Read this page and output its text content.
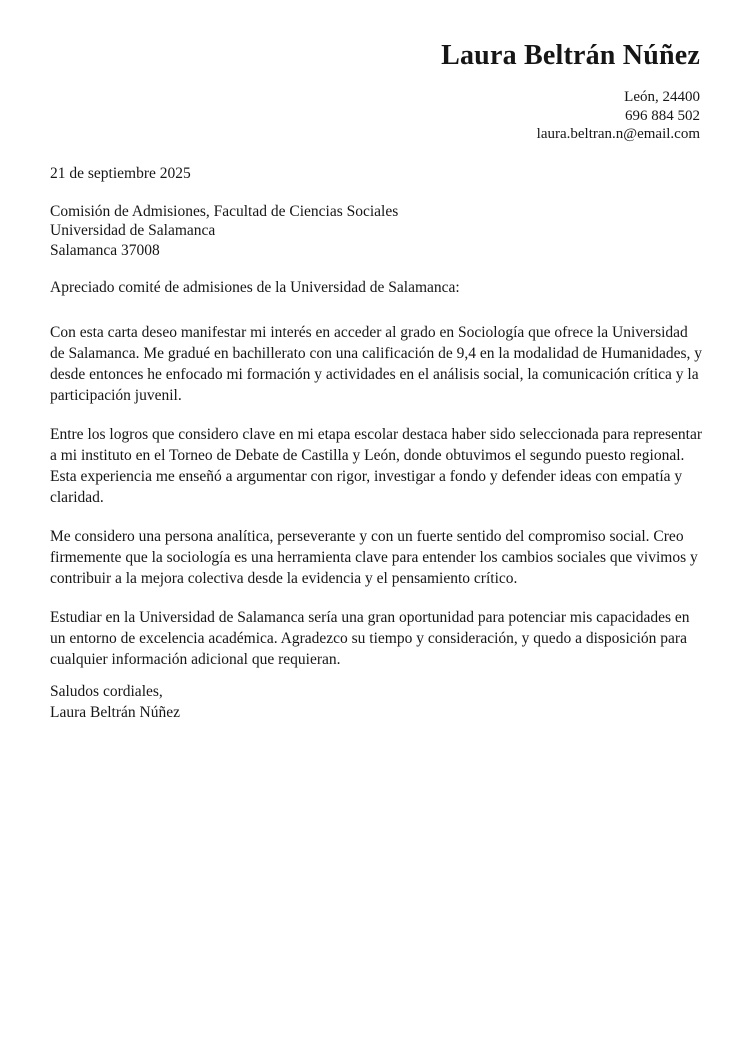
Laura Beltrán Núñez
León, 24400
696 884 502
laura.beltran.n@email.com
21 de septiembre 2025
Comisión de Admisiones, Facultad de Ciencias Sociales
Universidad de Salamanca
Salamanca 37008
Apreciado comité de admisiones de la Universidad de Salamanca:

Con esta carta deseo manifestar mi interés en acceder al grado en Sociología que ofrece la Universidad de Salamanca. Me gradué en bachillerato con una calificación de 9,4 en la modalidad de Humanidades, y desde entonces he enfocado mi formación y actividades en el análisis social, la comunicación crítica y la participación juvenil.

Entre los logros que considero clave en mi etapa escolar destaca haber sido seleccionada para representar a mi instituto en el Torneo de Debate de Castilla y León, donde obtuvimos el segundo puesto regional. Esta experiencia me enseñó a argumentar con rigor, investigar a fondo y defender ideas con empatía y claridad.

Me considero una persona analítica, perseverante y con un fuerte sentido del compromiso social. Creo firmemente que la sociología es una herramienta clave para entender los cambios sociales que vivimos y contribuir a la mejora colectiva desde la evidencia y el pensamiento crítico.

Estudiar en la Universidad de Salamanca sería una gran oportunidad para potenciar mis capacidades en un entorno de excelencia académica. Agradezco su tiempo y consideración, y quedo a disposición para cualquier información adicional que requieran.

Saludos cordiales,
Laura Beltrán Núñez
